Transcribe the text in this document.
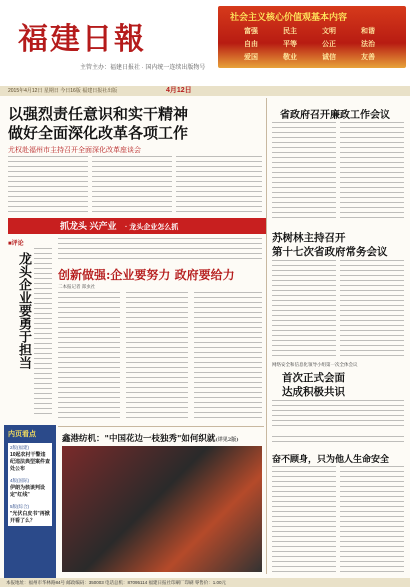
福建日報
主管主办：福建日报社 · 国内统一连续出版物号
社会主义核心价值观基本内容
富强	民主	文明	和谐
自由	平等	公正	法治
爱国	敬业	诚信	友善
2015年4月12日 星期日 今日16版 福建日报社出版	4月12日
以强烈责任意识和实干精神
做好全面深化改革各项工作
尤权赴福州市主持召开全面深化改革座谈会
抓龙头 兴产业 · 龙头企业怎么抓
■评论
龙头企业要勇于担当 创新做强:企业要努力 政府要给力
二本报记者 郑虫社
鑫港纺机："中国花边一枝独秀"如何织就(详见2版)
内页看点
2版(福建)
10起农村干警违纪违法典型案件查处公布
4版(国际)
伊朗为核谈判设定"红线"
5版(综合)
"光伏白皮书"再掀开看了么？
省政府召开廉政工作会议
苏树林主持召开
第十七次省政府常务会议
网络安全和信息化领导小组第一次全体会议
首次正式会面
达成积极共识
奋不顾身，只为他人生命安全
本报地址：福州市华林路84号 邮政编码：350003 电话总机：87095114 福建日报社印刷厂印刷 零售价：1.00元
